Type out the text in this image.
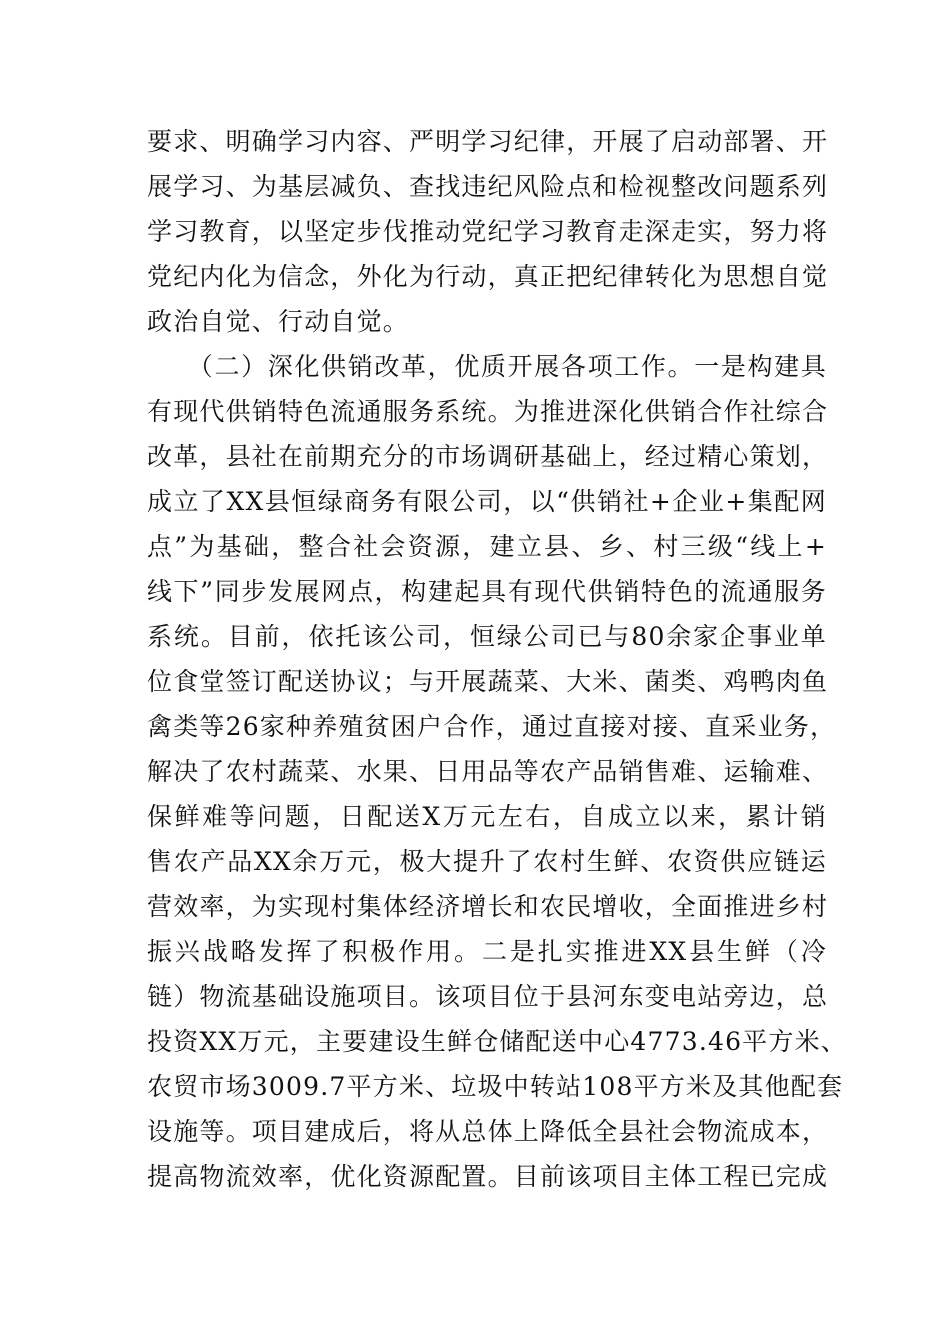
要求、明确学习内容、严明学习纪律，开展了启动部署、开
展学习、为基层减负、查找违纪风险点和检视整改问题系列
学习教育，以坚定步伐推动党纪学习教育走深走实，努力将
党纪内化为信念，外化为行动，真正把纪律转化为思想自觉
政治自觉、行动自觉。
　　（二）深化供销改革，优质开展各项工作。一是构建具
有现代供销特色流通服务系统。为推进深化供销合作社综合
改革，县社在前期充分的市场调研基础上，经过精心策划，
成立了XX县恒绿商务有限公司，以“供销社+企业+集配网
点”为基础，整合社会资源，建立县、乡、村三级“线上+
线下”同步发展网点，构建起具有现代供销特色的流通服务
系统。目前，依托该公司，恒绿公司已与80余家企事业单
位食堂签订配送协议；与开展蔬菜、大米、菌类、鸡鸭肉鱼
禽类等26家种养殖贫困户合作，通过直接对接、直采业务，
解决了农村蔬菜、水果、日用品等农产品销售难、运输难、
保鲜难等问题，日配送X万元左右，自成立以来，累计销
售农产品XX余万元，极大提升了农村生鲜、农资供应链运
营效率，为实现村集体经济增长和农民增收，全面推进乡村
振兴战略发挥了积极作用。二是扎实推进XX县生鲜（冷
链）物流基础设施项目。该项目位于县河东变电站旁边，总
投资XX万元，主要建设生鲜仓储配送中心4773.46平方米、
农贸市场3009.7平方米、垃圾中转站108平方米及其他配套
设施等。项目建成后，将从总体上降低全县社会物流成本，
提高物流效率，优化资源配置。目前该项目主体工程已完成
